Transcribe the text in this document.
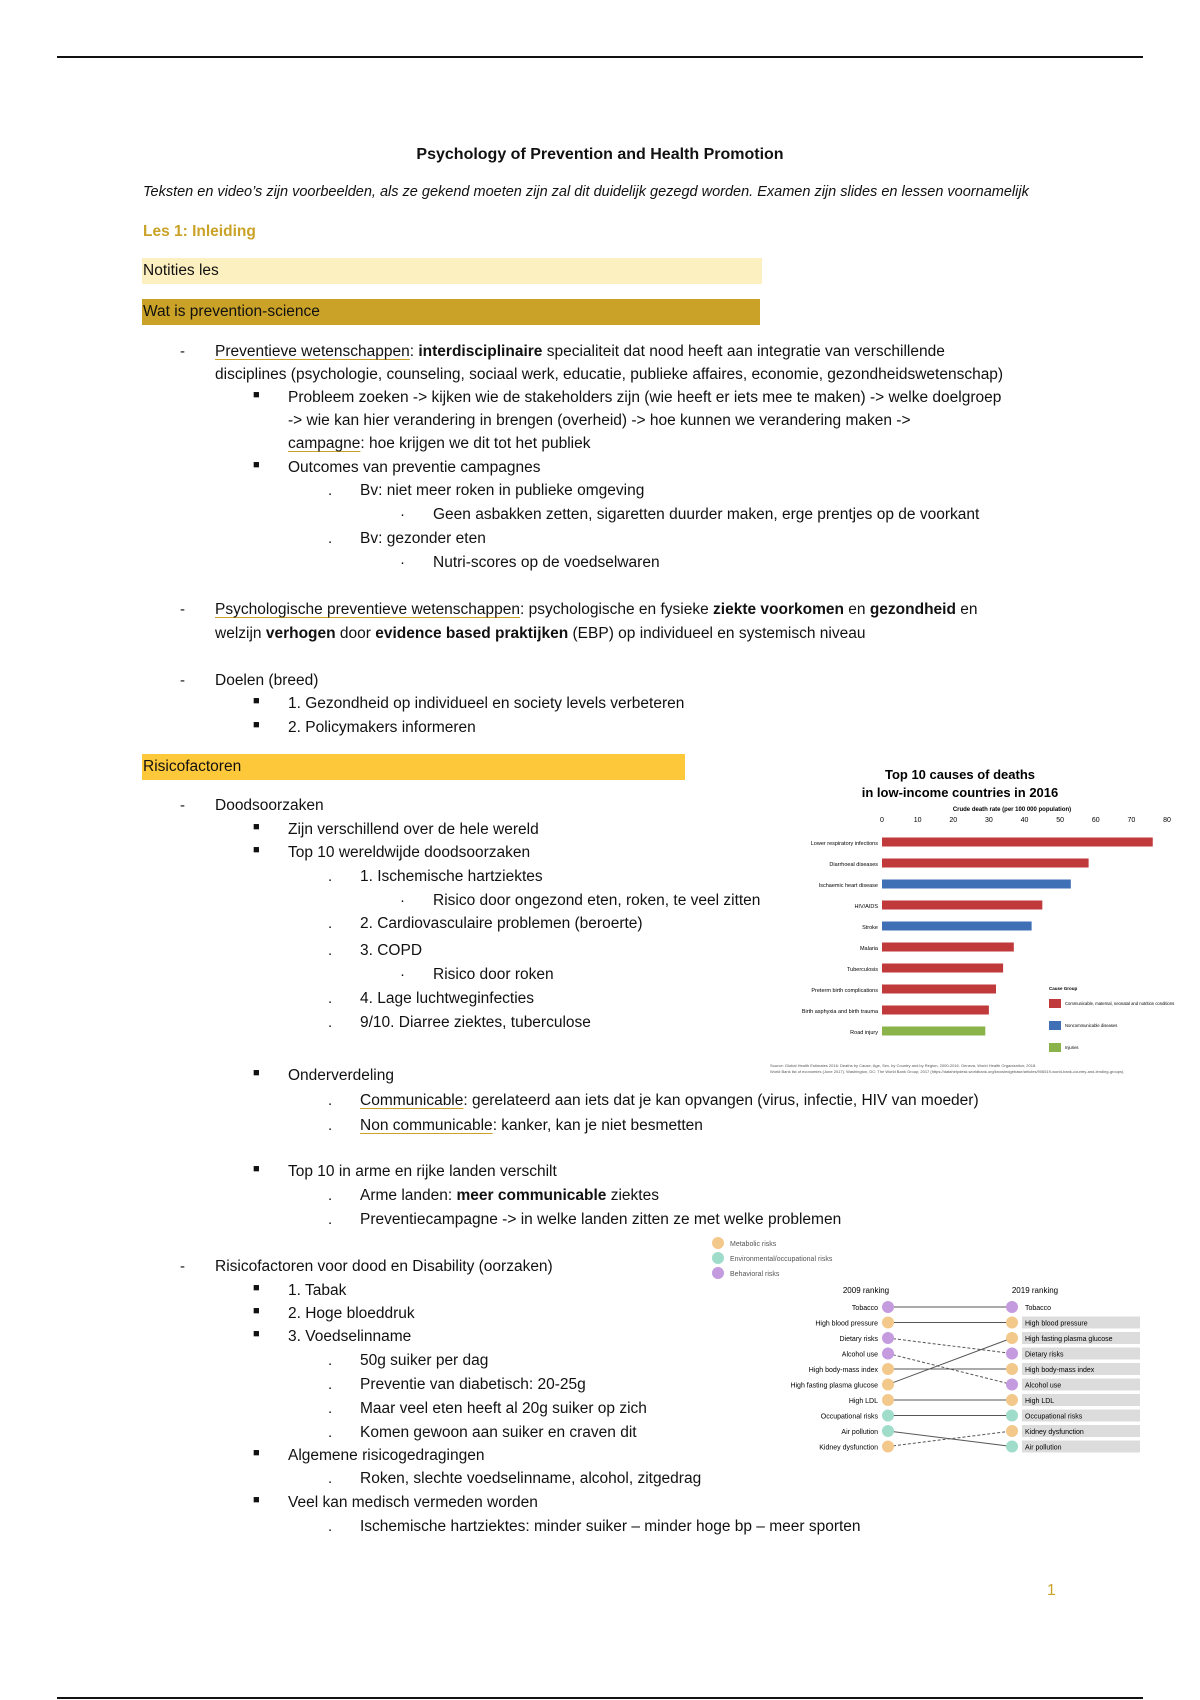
Psychology of Prevention and Health Promotion
Teksten en video’s zijn voorbeelden, als ze gekend moeten zijn zal dit duidelijk gezegd worden. Examen zijn slides en lessen voornamelijk
Les 1: Inleiding
Notities les
Wat is prevention-science
- Preventieve wetenschappen: interdisciplinaire specialiteit dat nood heeft aan integratie van verschillende
disciplines (psychologie, counseling, sociaal werk, educatie, publieke affaires, economie, gezondheidswetenschap)
■ Probleem zoeken -> kijken wie de stakeholders zijn (wie heeft er iets mee te maken) -> welke doelgroep
-> wie kan hier verandering in brengen (overheid) -> hoe kunnen we verandering maken ->
campagne: hoe krijgen we dit tot het publiek
■ Outcomes van preventie campagnes
. Bv: niet meer roken in publieke omgeving
· Geen asbakken zetten, sigaretten duurder maken, erge prentjes op de voorkant
. Bv: gezonder eten
· Nutri-scores op de voedselwaren
- Psychologische preventieve wetenschappen: psychologische en fysieke ziekte voorkomen en gezondheid en
welzijn verhogen door evidence based praktijken (EBP) op individueel en systemisch niveau
- Doelen (breed)
■ 1. Gezondheid op individueel en society levels verbeteren
■ 2. Policymakers informeren
Risicofactoren
- Doodsoorzaken
■ Zijn verschillend over de hele wereld
■ Top 10 wereldwijde doodsoorzaken
. 1. Ischemische hartziektes
· Risico door ongezond eten, roken, te veel zitten
. 2. Cardiovasculaire problemen (beroerte)
. 3. COPD
· Risico door roken
. 4. Lage luchtweginfecties
. 9/10. Diarree ziektes, tuberculose
■ Onderverdeling
. Communicable: gerelateerd aan iets dat je kan opvangen (virus, infectie, HIV van moeder)
. Non communicable: kanker, kan je niet besmetten
■ Top 10 in arme en rijke landen verschilt
. Arme landen: meer communicable ziektes
. Preventiecampagne -> in welke landen zitten ze met welke problemen
- Risicofactoren voor dood en Disability (oorzaken)
■ 1. Tabak
■ 2. Hoge bloeddruk
■ 3. Voedselinname
. 50g suiker per dag
. Preventie van diabetisch: 20-25g
. Maar veel eten heeft al 20g suiker op zich
. Komen gewoon aan suiker en craven dit
■ Algemene risicogedragingen
. Roken, slechte voedselinname, alcohol, zitgedrag
■ Veel kan medisch vermeden worden
. Ischemische hartziektes: minder suiker – minder hoge bp – meer sporten
1
Top 10 causes of deaths
in low-income countries in 2016
Crude death rate (per 100 000 population)
0	10	20	30	40	50	60	70	80
Lower respiratory infections
Diarrhoeal diseases
Ischaemic heart disease
HIV/AIDS
Stroke
Malaria
Tuberculosis
Preterm birth complications
Birth asphyxia and birth trauma
Road injury
Cause Group
Communicable, maternal, neonatal and nutrition conditions
Noncommunicable diseases
Injuries
Source: Global Health Estimates 2016: Deaths by Cause, Age, Sex, by Country and by Region, 2000-2016. Geneva, World Health Organization; 2018.
World Bank list of economies (June 2017). Washington, DC: The World Bank Group; 2017 (https://datahelpdesk.worldbank.org/knowledgebase/articles/906519-world-bank-country-and-lending-groups).
Metabolic risks
Environmental/occupational risks
Behavioral risks
2009 ranking	2019 ranking
Tobacco
High blood pressure
Dietary risks
Alcohol use
High body-mass index
High fasting plasma glucose
High LDL
Occupational risks
Air pollution
Kidney dysfunction
Tobacco
High blood pressure
High fasting plasma glucose
Dietary risks
High body-mass index
Alcohol use
High LDL
Occupational risks
Kidney dysfunction
Air pollution
